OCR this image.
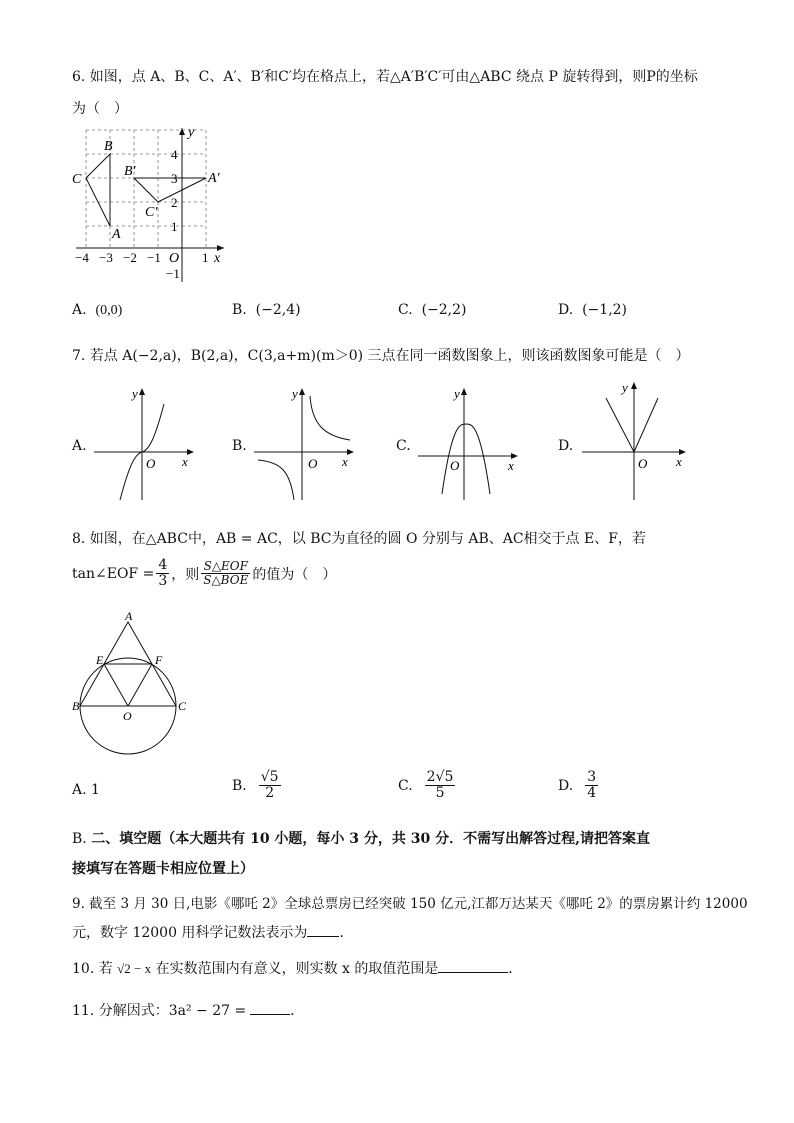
6. 如图，点 A、B、C、A′、B′和C′均在格点上，若△A′B′C′可由△ABC 绕点 P 旋转得到，则P的坐标
为（　）
B
C
A
B′
C′
A′
y
x
O
−4 −3 −2 −1	1
4
3
2
1
−1
A. (0,0)	B. (−2,4)	C. (−2,2)	D. (−1,2)
7. 若点 A(−2,a)，B(2,a)，C(3,a+m)(m＞0) 三点在同一函数图象上，则该函数图象可能是（　）
A.
y
x
O
B.
y
x
O
C.
y
x
O
D.
y
x
O
8. 如图，在△ABC中，AB = AC，以 BC为直径的圆 O 分别与 AB、AC相交于点 E、F，若
tan∠EOF = $\frac{4}{3}$ ，则 $\frac{\text{S△EOF}}{\text{S△BOE}}$ 的值为（　）
A
E	F
B	C
O
A. 1	B. $\frac{√5}{2}$	C. $\frac{2√5}{5}$	D. $\frac{3}{4}$
B. 二、填空题（本大题共有 10 小题，每小 3 分，共 30 分．不需写出解答过程,请把答案直
接填写在答题卡相应位置上）
9. 截至 3 月 30 日,电影《哪吒 2》全球总票房已经突破 150 亿元,江都万达某天《哪吒 2》的票房累计约 12000
元，数字 12000 用科学记数法表示为 ．
10. 若 √2 − x 在实数范围内有意义，则实数 x 的取值范围是	．
11. 分解因式：3a² − 27 =	．
